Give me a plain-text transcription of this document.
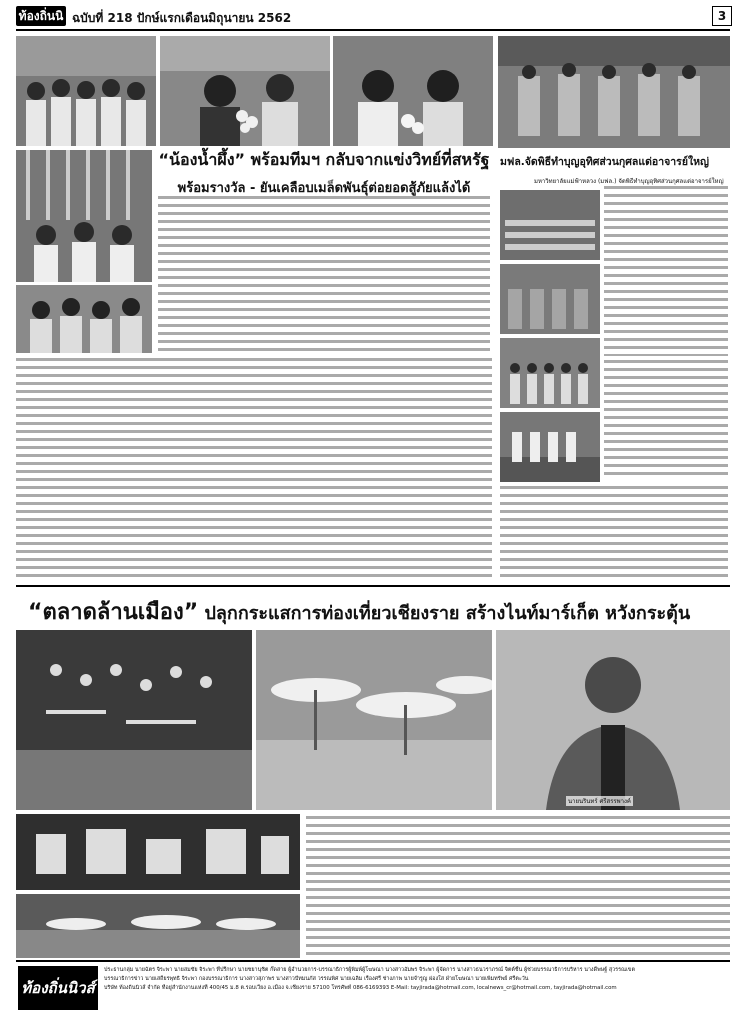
ท้องถิ่นนิ ฉบับที่ 218 ปักษ์แรกเดือนมิถุนายน 2562	3
“น้องน้ำผึ้ง” พร้อมทีมฯ กลับจากแข่งวิทย์ที่สหรัฐ
พร้อมรางวัล - ยันเคลือบเมล็ดพันธุ์ต่อยอดสู้ภัยแล้งได้
มฟล.จัดพิธีทำบุญอุทิศส่วนกุศลแด่อาจารย์ใหญ่
มหาวิทยาลัยแม่ฟ้าหลวง (มฟล.) จัดพิธีทำบุญอุทิศส่วนกุศลแด่อาจารย์ใหญ่
“ตลาดล้านเมือง” ปลุกกระแสการท่องเที่ยวเชียงราย สร้างไนท์มาร์เก็ต หวังกระตุ้น
นายนรินทร์ ศรีสรรพางค์
ท้องถิ่นนิวส์
ประธานกลุ่ม นายฉัตร จิระพา นายสมชัย จิระพา ที่ปรึกษา นายชยานุชิต ก๊ดสาย ผู้อำนวยการ-บรรณาธิการผู้พิมพ์ผู้โฆษณา นางสาวอัมพร จิระพา ผู้จัดการ นางสาวธนวราภรณ์ จิตต์ชื่น ผู้ช่วยบรรณาธิการบริหาร นางดีพษฐ์ สุวรรณเขต
บรรณาธิการข่าว นายเสถียรพุทธิ จิระพา กองบรรณาธิการ นางสาวสุภาพร นางสาวปัทมนภัส วรรณพิศ นายเฉลิม เรืองศรี ช่างภาพ นายจำรูญ ผ่องใส ฝ่ายโฆษณา นายเพิ่มทรัพย์ ศรีตะวัน
บริษัท ท้องถิ่นนิวส์ จำกัด ที่อยู่สำนักงานแห่งที่ 400/45 ม.8 ต.รอบเวียง อ.เมือง จ.เชียงราย 57100 โทรศัพท์ 086-6169393 E-Mail: tayjirada@hotmail.com, localnews_cr@hotmail.com, tayjirada@hotmail.com
